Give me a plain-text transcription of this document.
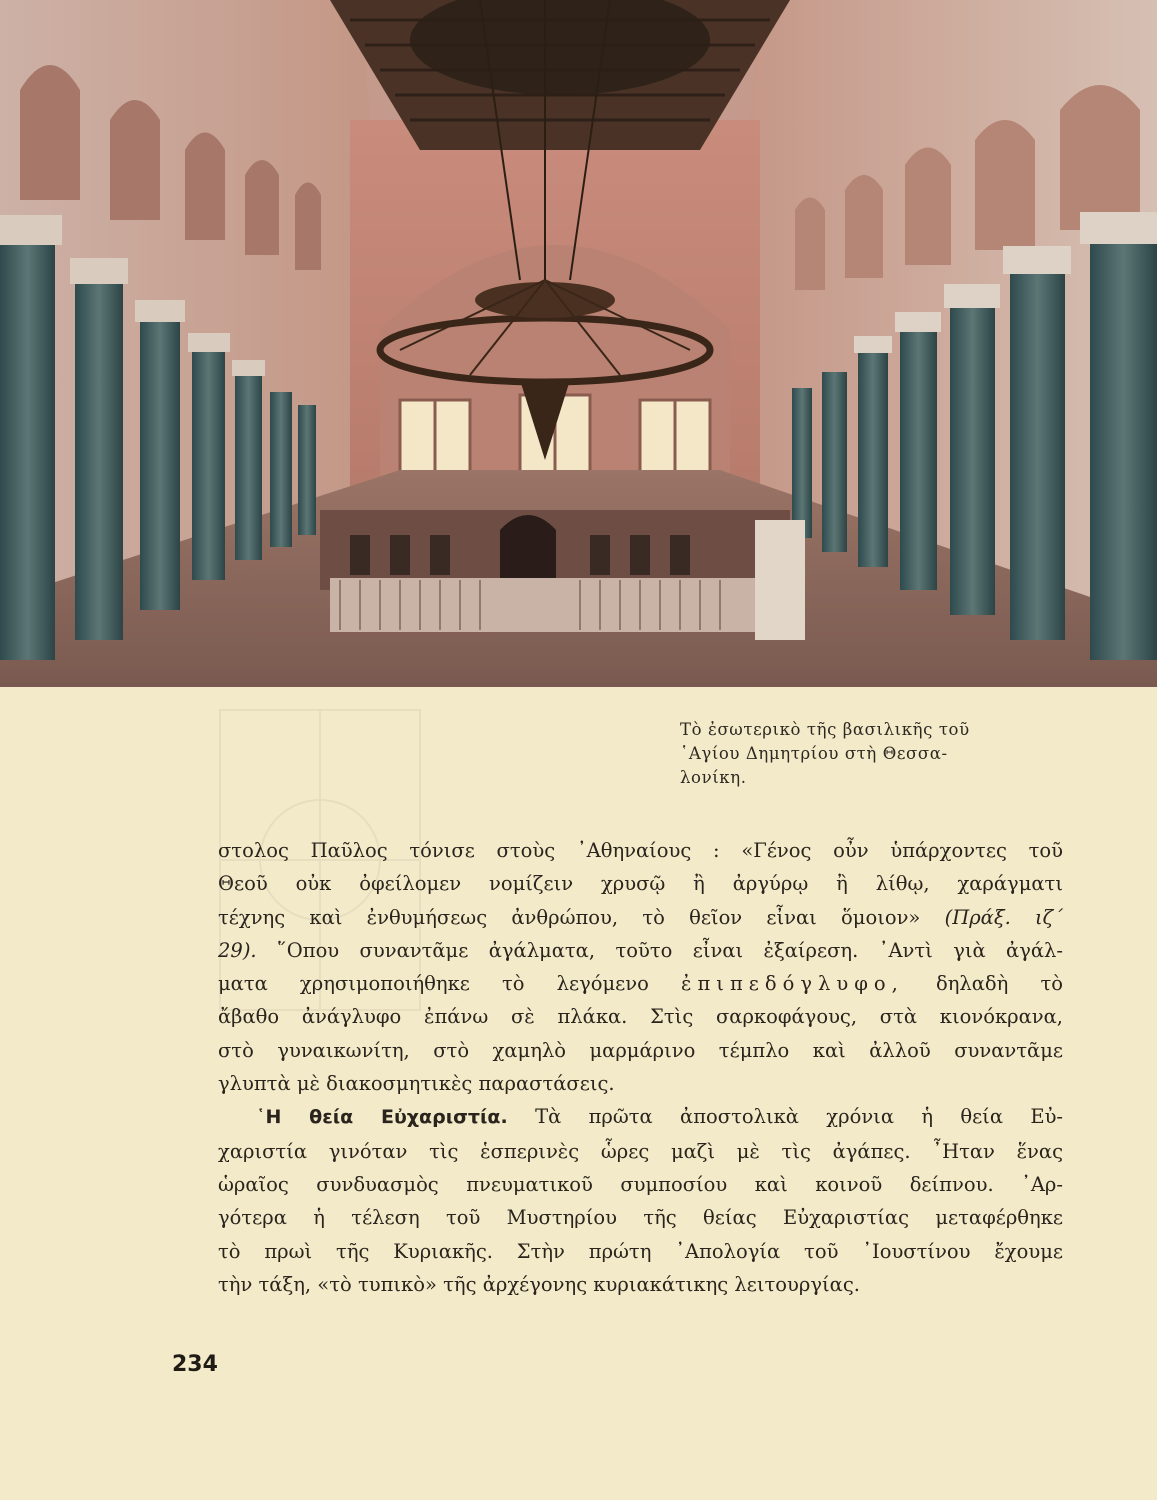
Τὸ ἐσωτερικὸ τῆς βασιλικῆς τοῦ
῾Αγίου Δημητρίου στὴ Θεσσα-
λονίκη.
στολος Παῦλος τόνισε στοὺς ᾿Αθηναίους : «Γένος οὖν ὑπάρχοντες τοῦ
Θεοῦ οὐκ ὀφείλομεν νομίζειν χρυσῷ ἢ ἀργύρῳ ἢ λίθῳ, χαράγματι
τέχνης καὶ ἐνθυμήσεως ἀνθρώπου, τὸ θεῖον εἶναι ὅμοιον» (Πράξ. ιζ΄
29). ῞Οπου συναντᾶμε ἀγάλματα, τοῦτο εἶναι ἐξαίρεση. ᾿Αντὶ γιὰ ἀγάλ-
ματα χρησιμοποιήθηκε τὸ λεγόμενο ἐπιπεδόγλυφο, δηλαδὴ τὸ
ἄβαθο ἀνάγλυφο ἐπάνω σὲ πλάκα. Στὶς σαρκοφάγους, στὰ κιονόκρανα,
στὸ γυναικωνίτη, στὸ χαμηλὸ μαρμάρινο τέμπλο καὶ ἀλλοῦ συναντᾶμε
γλυπτὰ μὲ διακοσμητικὲς παραστάσεις.
῾Η θεία Εὐχαριστία. Τὰ πρῶτα ἀποστολικὰ χρόνια ἡ θεία Εὐ-
χαριστία γινόταν τὶς ἑσπερινὲς ὧρες μαζὶ μὲ τὶς ἀγάπες. ῏Ηταν ἕνας
ὡραῖος συνδυασμὸς πνευματικοῦ συμποσίου καὶ κοινοῦ δείπνου. ᾿Αρ-
γότερα ἡ τέλεση τοῦ Μυστηρίου τῆς θείας Εὐχαριστίας μεταφέρθηκε
τὸ πρωὶ τῆς Κυριακῆς. Στὴν πρώτη ᾿Απολογία τοῦ ᾿Ιουστίνου ἔχουμε
τὴν τάξη, «τὸ τυπικὸ» τῆς ἀρχέγονης κυριακάτικης λειτουργίας.
234
